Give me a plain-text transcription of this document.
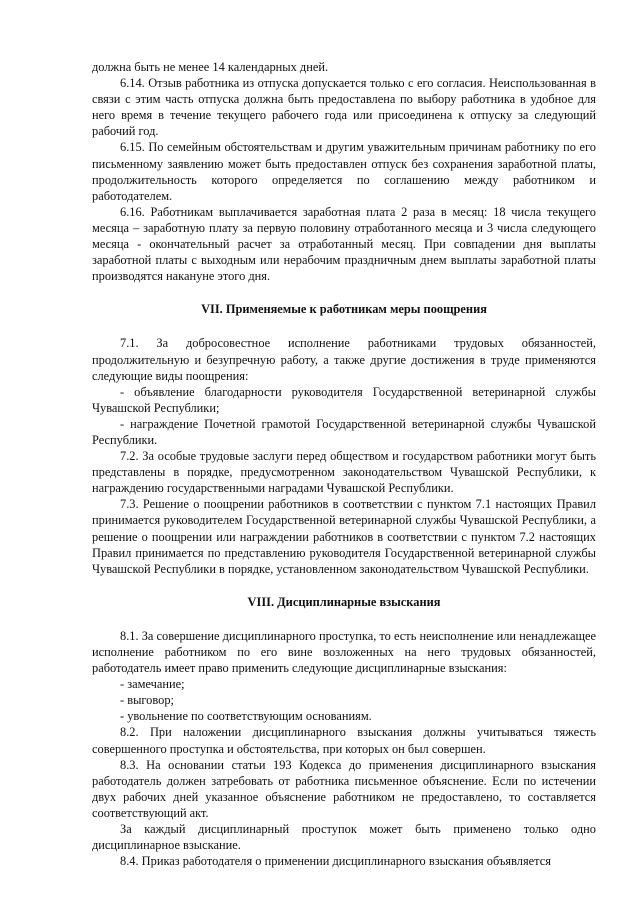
должна быть не менее 14 календарных дней.

6.14. Отзыв работника из отпуска допускается только с его согласия. Неиспользованная в связи с этим часть отпуска должна быть предоставлена по выбору работника в удобное для него время в течение текущего рабочего года или присоединена к отпуску за следующий рабочий год.

6.15. По семейным обстоятельствам и другим уважительным причинам работнику по его письменному заявлению может быть предоставлен отпуск без сохранения заработной платы, продолжительность которого определяется по соглашению между работником и работодателем.

6.16. Работникам выплачивается заработная плата 2 раза в месяц: 18 числа текущего месяца – заработную плату за первую половину отработанного месяца и 3 числа следующего месяца - окончательный расчет за отработанный месяц. При совпадении дня выплаты заработной платы с выходным или нерабочим праздничным днем выплаты заработной платы производятся накануне этого дня.

VII. Применяемые к работникам меры поощрения

7.1. За добросовестное исполнение работниками трудовых обязанностей, продолжительную и безупречную работу, а также другие достижения в труде применяются следующие виды поощрения:

- объявление благодарности руководителя Государственной ветеринарной службы Чувашской Республики;

- награждение Почетной грамотой Государственной ветеринарной службы Чувашской Республики.

7.2. За особые трудовые заслуги перед обществом и государством работники могут быть представлены в порядке, предусмотренном законодательством Чувашской Республики, к награждению государственными наградами Чувашской Республики.

7.3. Решение о поощрении работников в соответствии с пунктом 7.1 настоящих Правил принимается руководителем Государственной ветеринарной службы Чувашской Республики, а решение о поощрении или награждении работников в соответствии с пунктом 7.2 настоящих Правил принимается по представлению руководителя Государственной ветеринарной службы Чувашской Республики в порядке, установленном законодательством Чувашской Республики.

VIII. Дисциплинарные взыскания

8.1. За совершение дисциплинарного проступка, то есть неисполнение или ненадлежащее исполнение работником по его вине возложенных на него трудовых обязанностей, работодатель имеет право применить следующие дисциплинарные взыскания:

- замечание;

- выговор;

- увольнение по соответствующим основаниям.

8.2. При наложении дисциплинарного взыскания должны учитываться тяжесть совершенного проступка и обстоятельства, при которых он был совершен.

8.3. На основании статьи 193 Кодекса до применения дисциплинарного взыскания работодатель должен затребовать от работника письменное объяснение. Если по истечении двух рабочих дней указанное объяснение работником не предоставлено, то составляется соответствующий акт.

За каждый дисциплинарный проступок может быть применено только одно дисциплинарное взыскание.

8.4. Приказ работодателя о применении дисциплинарного взыскания объявляется
